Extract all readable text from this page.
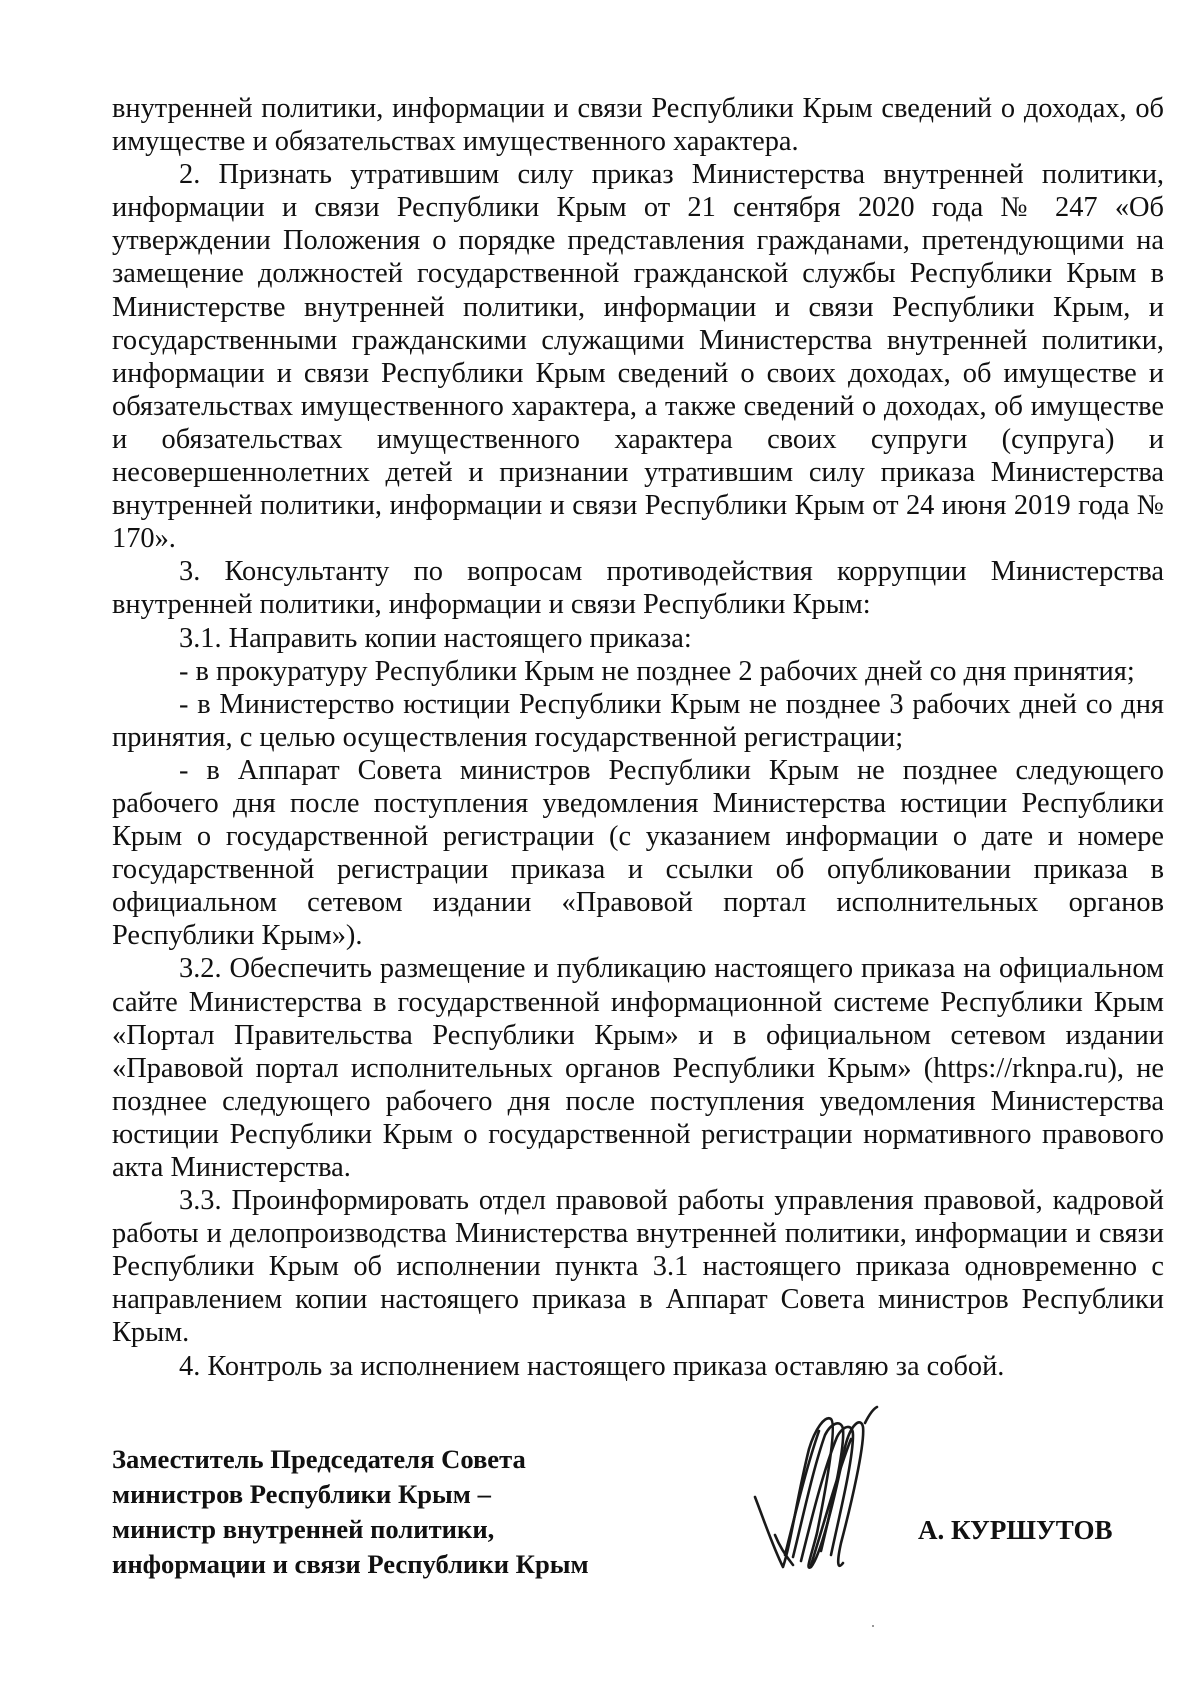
внутренней политики, информации и связи Республики Крым сведений о доходах, об имуществе и обязательствах имущественного характера.

2. Признать утратившим силу приказ Министерства внутренней политики, информации и связи Республики Крым от 21 сентября 2020 года № 247 «Об утверждении Положения о порядке представления гражданами, претендующими на замещение должностей государственной гражданской службы Республики Крым в Министерстве внутренней политики, информации и связи Республики Крым, и государственными гражданскими служащими Министерства внутренней политики, информации и связи Республики Крым сведений о своих доходах, об имуществе и обязательствах имущественного характера, а также сведений о доходах, об имуществе и обязательствах имущественного характера своих супруги (супруга) и несовершеннолетних детей и признании утратившим силу приказа Министерства внутренней политики, информации и связи Республики Крым от 24 июня 2019 года № 170».

3. Консультанту по вопросам противодействия коррупции Министерства внутренней политики, информации и связи Республики Крым:

3.1. Направить копии настоящего приказа:

- в прокуратуру Республики Крым не позднее 2 рабочих дней со дня принятия;

- в Министерство юстиции Республики Крым не позднее 3 рабочих дней со дня принятия, с целью осуществления государственной регистрации;

- в Аппарат Совета министров Республики Крым не позднее следующего рабочего дня после поступления уведомления Министерства юстиции Республики Крым о государственной регистрации (с указанием информации о дате и номере государственной регистрации приказа и ссылки об опубликовании приказа в официальном сетевом издании «Правовой портал исполнительных органов Республики Крым»).

3.2. Обеспечить размещение и публикацию настоящего приказа на официальном сайте Министерства в государственной информационной системе Республики Крым «Портал Правительства Республики Крым» и в официальном сетевом издании «Правовой портал исполнительных органов Республики Крым» (https://rknpa.ru), не позднее следующего рабочего дня после поступления уведомления Министерства юстиции Республики Крым о государственной регистрации нормативного правового акта Министерства.

3.3. Проинформировать отдел правовой работы управления правовой, кадровой работы и делопроизводства Министерства внутренней политики, информации и связи Республики Крым об исполнении пункта 3.1 настоящего приказа одновременно с направлением копии настоящего приказа в Аппарат Совета министров Республики Крым.

4. Контроль за исполнением настоящего приказа оставляю за собой.

Заместитель Председателя Совета
министров Республики Крым –
министр внутренней политики,
информации и связи Республики Крым
А. КУРШУТОВ
